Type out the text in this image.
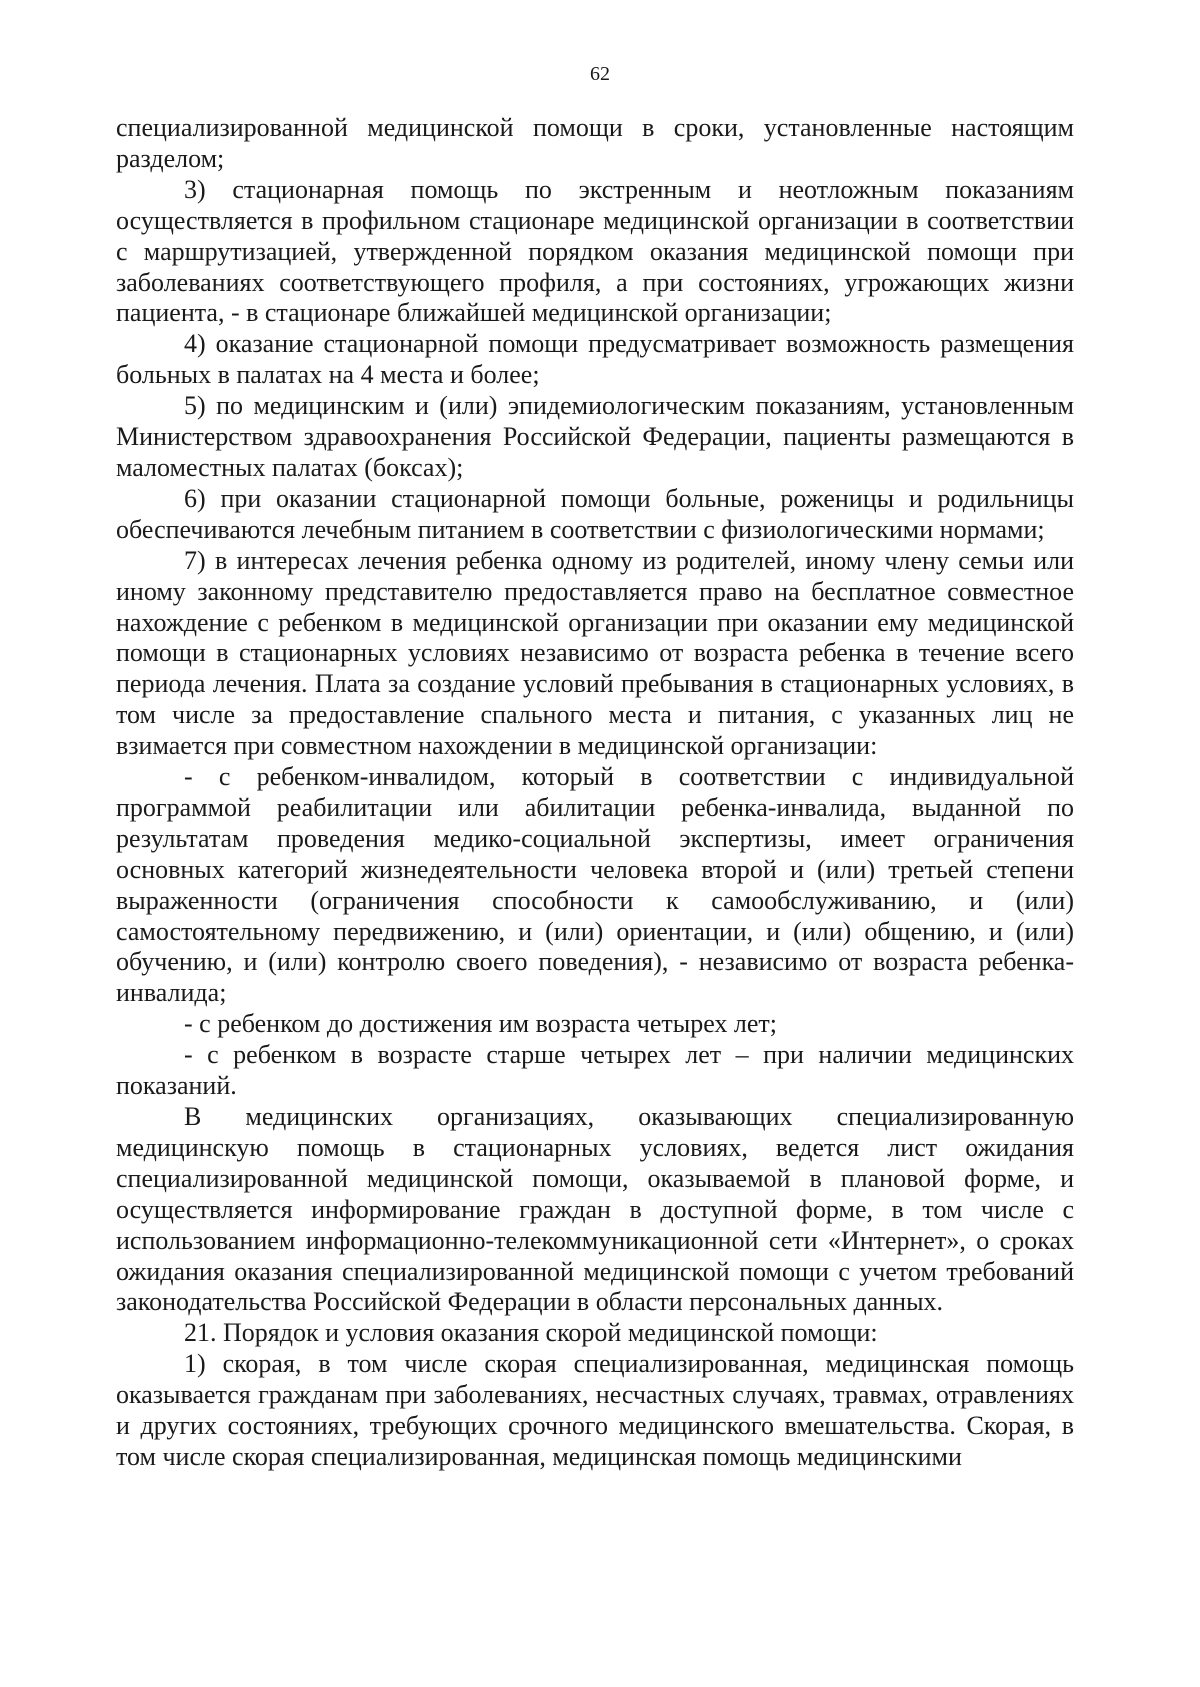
62

специализированной медицинской помощи в сроки, установленные настоящим разделом;

3) стационарная помощь по экстренным и неотложным показаниям осуществляется в профильном стационаре медицинской организации в соответствии с маршрутизацией, утвержденной порядком оказания медицинской помощи при заболеваниях соответствующего профиля, а при состояниях, угрожающих жизни пациента, - в стационаре ближайшей медицинской организации;

4) оказание стационарной помощи предусматривает возможность размещения больных в палатах на 4 места и более;

5) по медицинским и (или) эпидемиологическим показаниям, установленным Министерством здравоохранения Российской Федерации, пациенты размещаются в маломестных палатах (боксах);

6) при оказании стационарной помощи больные, роженицы и родильницы обеспечиваются лечебным питанием в соответствии с физиологическими нормами;

7) в интересах лечения ребенка одному из родителей, иному члену семьи или иному законному представителю предоставляется право на бесплатное совместное нахождение с ребенком в медицинской организации при оказании ему медицинской помощи в стационарных условиях независимо от возраста ребенка в течение всего периода лечения. Плата за создание условий пребывания в стационарных условиях, в том числе за предоставление спального места и питания, с указанных лиц не взимается при совместном нахождении в медицинской организации:

- с ребенком-инвалидом, который в соответствии с индивидуальной программой реабилитации или абилитации ребенка-инвалида, выданной по результатам проведения медико-социальной экспертизы, имеет ограничения основных категорий жизнедеятельности человека второй и (или) третьей степени выраженности (ограничения способности к самообслуживанию, и (или) самостоятельному передвижению, и (или) ориентации, и (или) общению, и (или) обучению, и (или) контролю своего поведения), - независимо от возраста ребенка-инвалида;

- с ребенком до достижения им возраста четырех лет;

- с ребенком в возрасте старше четырех лет – при наличии медицинских показаний.

В медицинских организациях, оказывающих специализированную медицинскую помощь в стационарных условиях, ведется лист ожидания специализированной медицинской помощи, оказываемой в плановой форме, и осуществляется информирование граждан в доступной форме, в том числе с использованием информационно-телекоммуникационной сети «Интернет», о сроках ожидания оказания специализированной медицинской помощи с учетом требований законодательства Российской Федерации в области персональных данных.

21. Порядок и условия оказания скорой медицинской помощи:

1) скорая, в том числе скорая специализированная, медицинская помощь оказывается гражданам при заболеваниях, несчастных случаях, травмах, отравлениях и других состояниях, требующих срочного медицинского вмешательства. Скорая, в том числе скорая специализированная, медицинская помощь медицинскими
